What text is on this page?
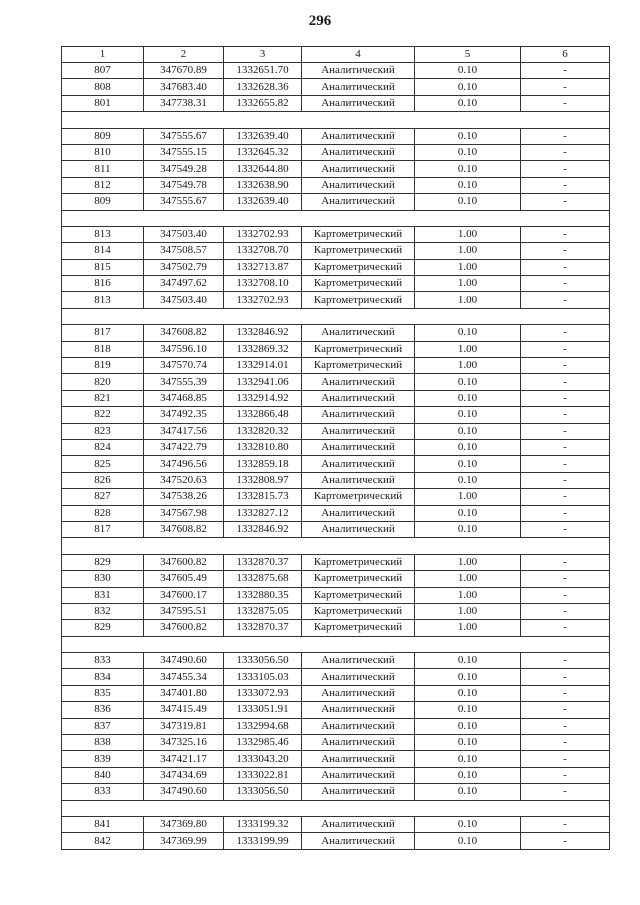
296
1	2	3	4	5	6
807	347670.89	1332651.70	Аналитический	0.10	-
808	347683.40	1332628.36	Аналитический	0.10	-
801	347738.31	1332655.82	Аналитический	0.10	-

809	347555.67	1332639.40	Аналитический	0.10	-
810	347555.15	1332645.32	Аналитический	0.10	-
811	347549.28	1332644.80	Аналитический	0.10	-
812	347549.78	1332638.90	Аналитический	0.10	-
809	347555.67	1332639.40	Аналитический	0.10	-

813	347503.40	1332702.93	Картометрический	1.00	-
814	347508.57	1332708.70	Картометрический	1.00	-
815	347502.79	1332713.87	Картометрический	1.00	-
816	347497.62	1332708.10	Картометрический	1.00	-
813	347503.40	1332702.93	Картометрический	1.00	-

817	347608.82	1332846.92	Аналитический	0.10	-
818	347596.10	1332869.32	Картометрический	1.00	-
819	347570.74	1332914.01	Картометрический	1.00	-
820	347555.39	1332941.06	Аналитический	0.10	-
821	347468.85	1332914.92	Аналитический	0.10	-
822	347492.35	1332866.48	Аналитический	0.10	-
823	347417.56	1332820.32	Аналитический	0.10	-
824	347422.79	1332810.80	Аналитический	0.10	-
825	347496.56	1332859.18	Аналитический	0.10	-
826	347520.63	1332808.97	Аналитический	0.10	-
827	347538.26	1332815.73	Картометрический	1.00	-
828	347567.98	1332827.12	Аналитический	0.10	-
817	347608.82	1332846.92	Аналитический	0.10	-

829	347600.82	1332870.37	Картометрический	1.00	-
830	347605.49	1332875.68	Картометрический	1.00	-
831	347600.17	1332880.35	Картометрический	1.00	-
832	347595.51	1332875.05	Картометрический	1.00	-
829	347600.82	1332870.37	Картометрический	1.00	-

833	347490.60	1333056.50	Аналитический	0.10	-
834	347455.34	1333105.03	Аналитический	0.10	-
835	347401.80	1333072.93	Аналитический	0.10	-
836	347415.49	1333051.91	Аналитический	0.10	-
837	347319.81	1332994.68	Аналитический	0.10	-
838	347325.16	1332985.46	Аналитический	0.10	-
839	347421.17	1333043.20	Аналитический	0.10	-
840	347434.69	1333022.81	Аналитический	0.10	-
833	347490.60	1333056.50	Аналитический	0.10	-

841	347369.80	1333199.32	Аналитический	0.10	-
842	347369.99	1333199.99	Аналитический	0.10	-
